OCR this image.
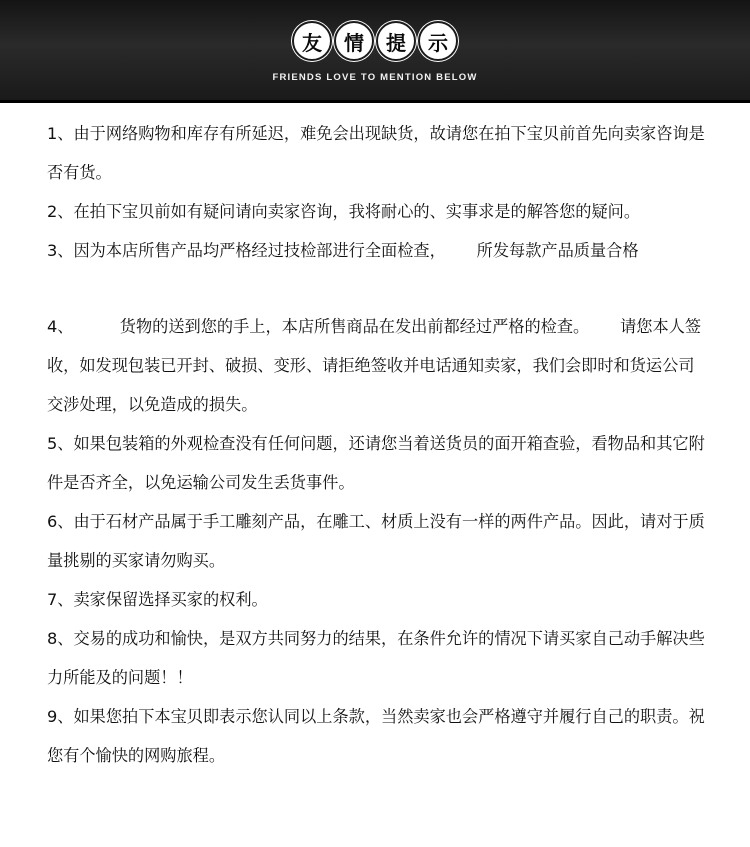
友	情	提	示
FRIENDS LOVE TO MENTION BELOW

1、由于网络购物和库存有所延迟，难免会出现缺货，故请您在拍下宝贝前首先向卖家咨询是否有货。

2、在拍下宝贝前如有疑问请向卖家咨询，我将耐心的、实事求是的解答您的疑问。

3、因为本店所售产品均严格经过技检部进行全面检查，      所发每款产品质量合格

4、         货物的送到您的手上，本店所售商品在发出前都经过严格的检查。      请您本人签收，如发现包装已开封、破损、变形、请拒绝签收并电话通知卖家，我们会即时和货运公司交涉处理，以免造成的损失。

5、如果包装箱的外观检查没有任何问题，还请您当着送货员的面开箱查验，看物品和其它附件是否齐全，以免运输公司发生丢货事件。

6、由于石材产品属于手工雕刻产品，在雕工、材质上没有一样的两件产品。因此，请对于质量挑剔的买家请勿购买。

7、卖家保留选择买家的权利。

8、交易的成功和愉快，是双方共同努力的结果，在条件允许的情况下请买家自己动手解决些力所能及的问题！！

9、如果您拍下本宝贝即表示您认同以上条款，当然卖家也会严格遵守并履行自己的职责。祝您有个愉快的网购旅程。
